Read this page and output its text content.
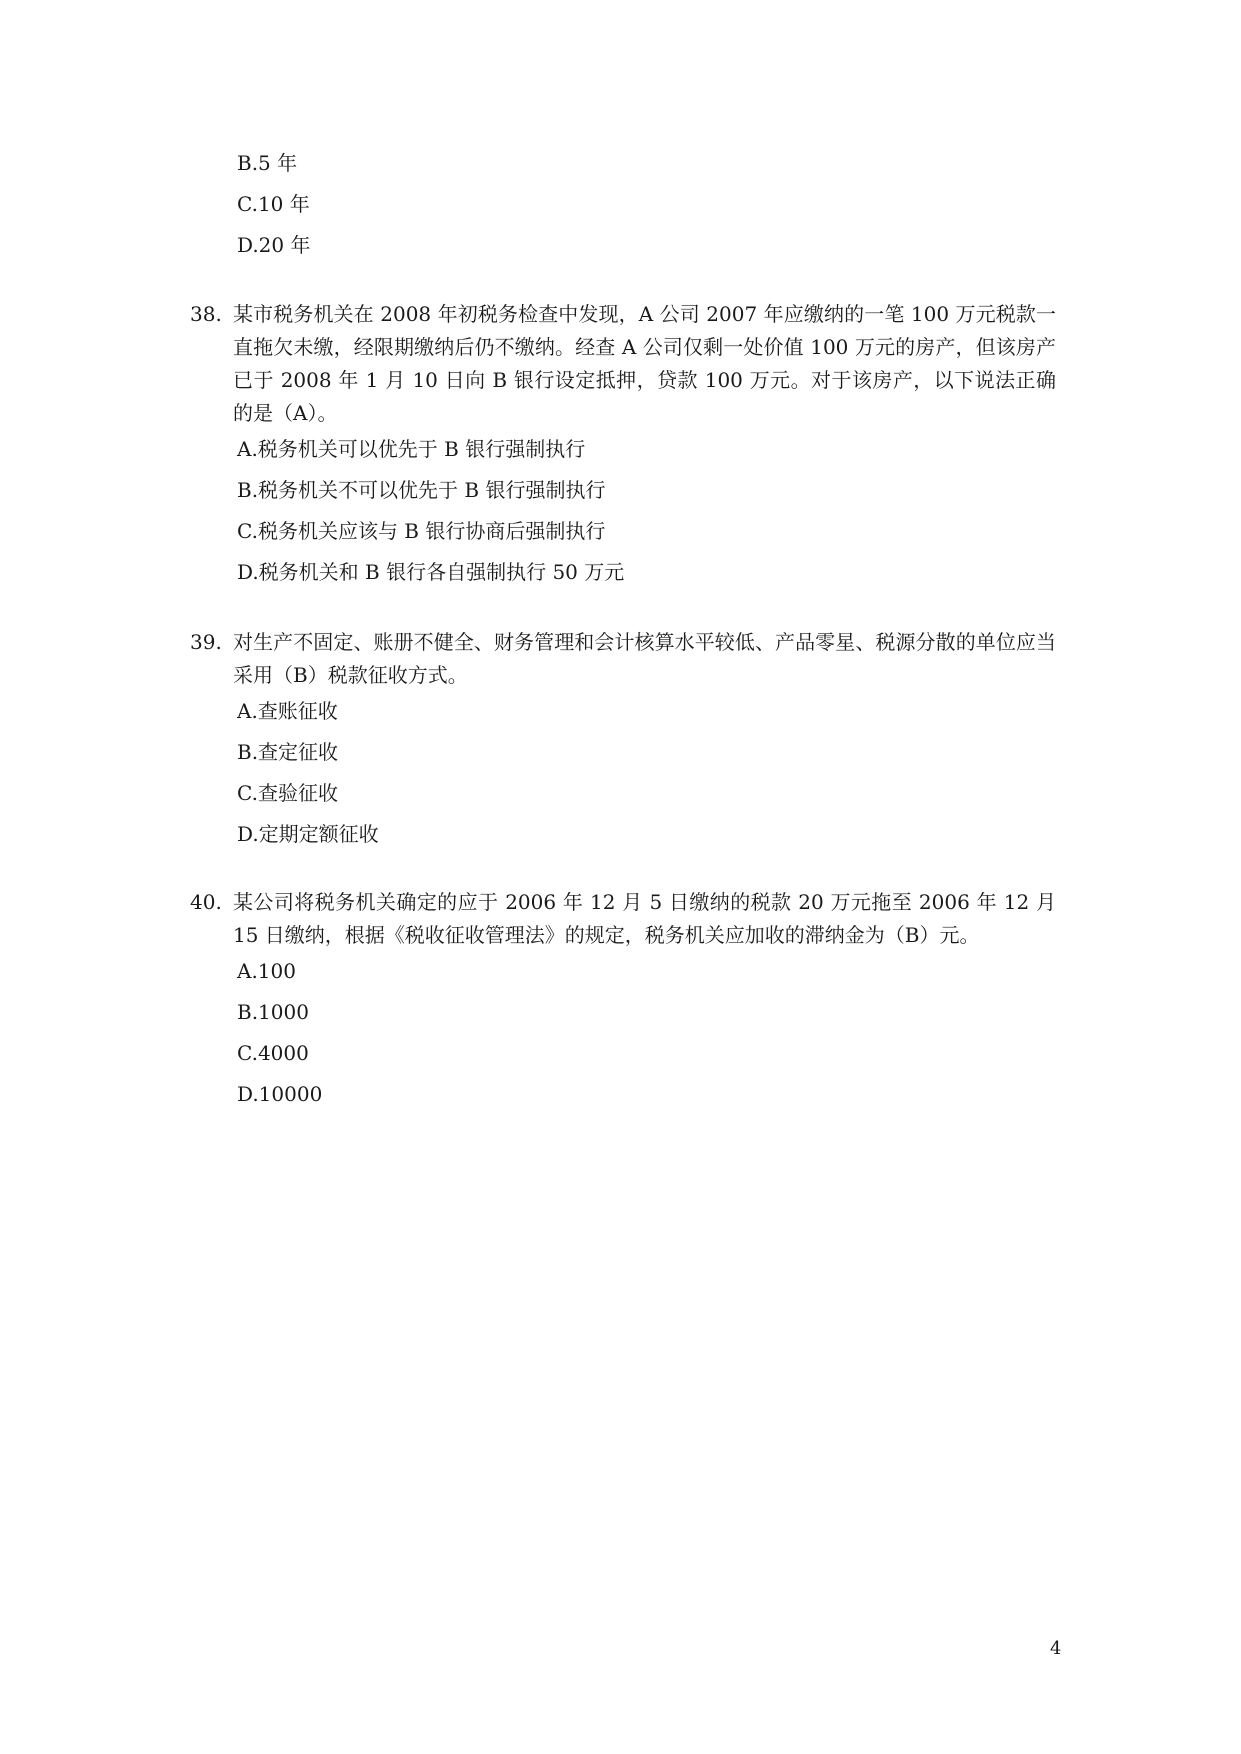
B.5 年
C.10 年
D.20 年
38. 某市税务机关在 2008 年初税务检查中发现，A 公司 2007 年应缴纳的一笔 100 万元税款一直拖欠未缴，经限期缴纳后仍不缴纳。经查 A 公司仅剩一处价值 100 万元的房产，但该房产已于 2008 年 1 月 10 日向 B 银行设定抵押，贷款 100 万元。对于该房产，以下说法正确的是（A）。
A.税务机关可以优先于 B 银行强制执行
B.税务机关不可以优先于 B 银行强制执行
C.税务机关应该与 B 银行协商后强制执行
D.税务机关和 B 银行各自强制执行 50 万元
39. 对生产不固定、账册不健全、财务管理和会计核算水平较低、产品零星、税源分散的单位应当采用（B）税款征收方式。
A.查账征收
B.查定征收
C.查验征收
D.定期定额征收
40. 某公司将税务机关确定的应于 2006 年 12 月 5 日缴纳的税款 20 万元拖至 2006 年 12 月 15 日缴纳，根据《税收征收管理法》的规定，税务机关应加收的滞纳金为（B）元。
A.100
B.1000
C.4000
D.10000
4
